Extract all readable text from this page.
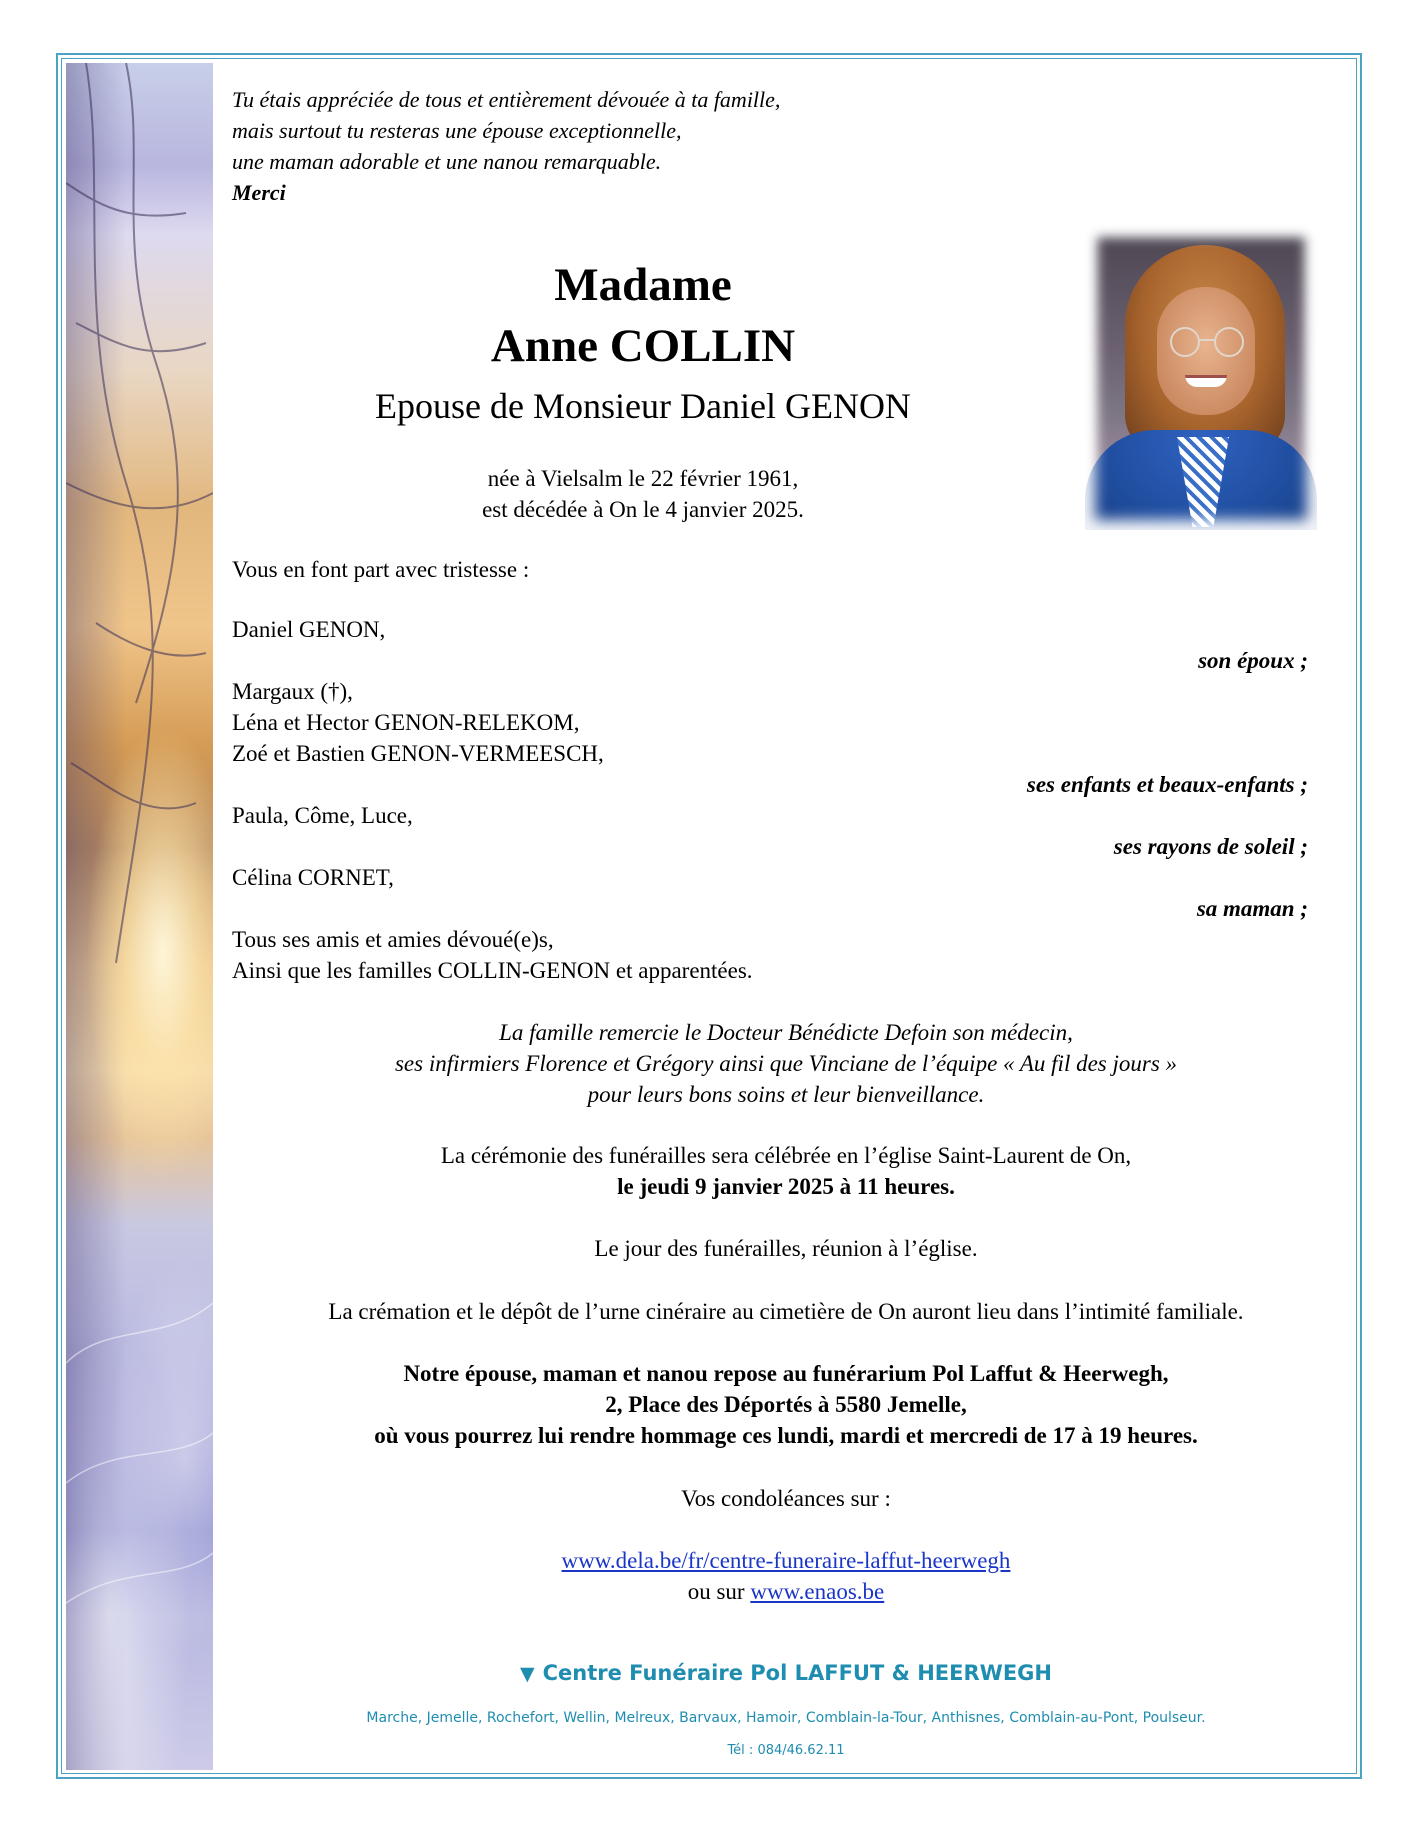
Tu étais appréciée de tous et entièrement dévouée à ta famille,
mais surtout tu resteras une épouse exceptionnelle,
une maman adorable et une nanou remarquable.
Merci
Madame
Anne COLLIN
Epouse de Monsieur Daniel GENON
née à Vielsalm le 22 février 1961,
est décédée à On le 4 janvier 2025.
Vous en font part avec tristesse :
Daniel GENON,
son époux ;
Margaux (†),
Léna et Hector GENON-RELEKOM,
Zoé et Bastien GENON-VERMEESCH,
ses enfants et beaux-enfants ;
Paula, Côme, Luce,
ses rayons de soleil ;
Célina CORNET,
sa maman ;
Tous ses amis et amies dévoué(e)s,
Ainsi que les familles COLLIN-GENON et apparentées.
La famille remercie le Docteur Bénédicte Defoin son médecin,
ses infirmiers Florence et Grégory ainsi que Vinciane de l’équipe « Au fil des jours »
pour leurs bons soins et leur bienveillance.
La cérémonie des funérailles sera célébrée en l’église Saint-Laurent de On,
le jeudi 9 janvier 2025 à 11 heures.
Le jour des funérailles, réunion à l’église.
La crémation et le dépôt de l’urne cinéraire au cimetière de On auront lieu dans l’intimité familiale.
Notre épouse, maman et nanou repose au funérarium Pol Laffut & Heerwegh,
2, Place des Déportés à 5580 Jemelle,
où vous pourrez lui rendre hommage ces lundi, mardi et mercredi de 17 à 19 heures.
Vos condoléances sur :
www.dela.be/fr/centre-funeraire-laffut-heerwegh
ou sur www.enaos.be
▼ Centre Funéraire Pol LAFFUT & HEERWEGH
Marche, Jemelle, Rochefort, Wellin, Melreux, Barvaux, Hamoir, Comblain-la-Tour, Anthisnes, Comblain-au-Pont, Poulseur.
Tél : 084/46.62.11
